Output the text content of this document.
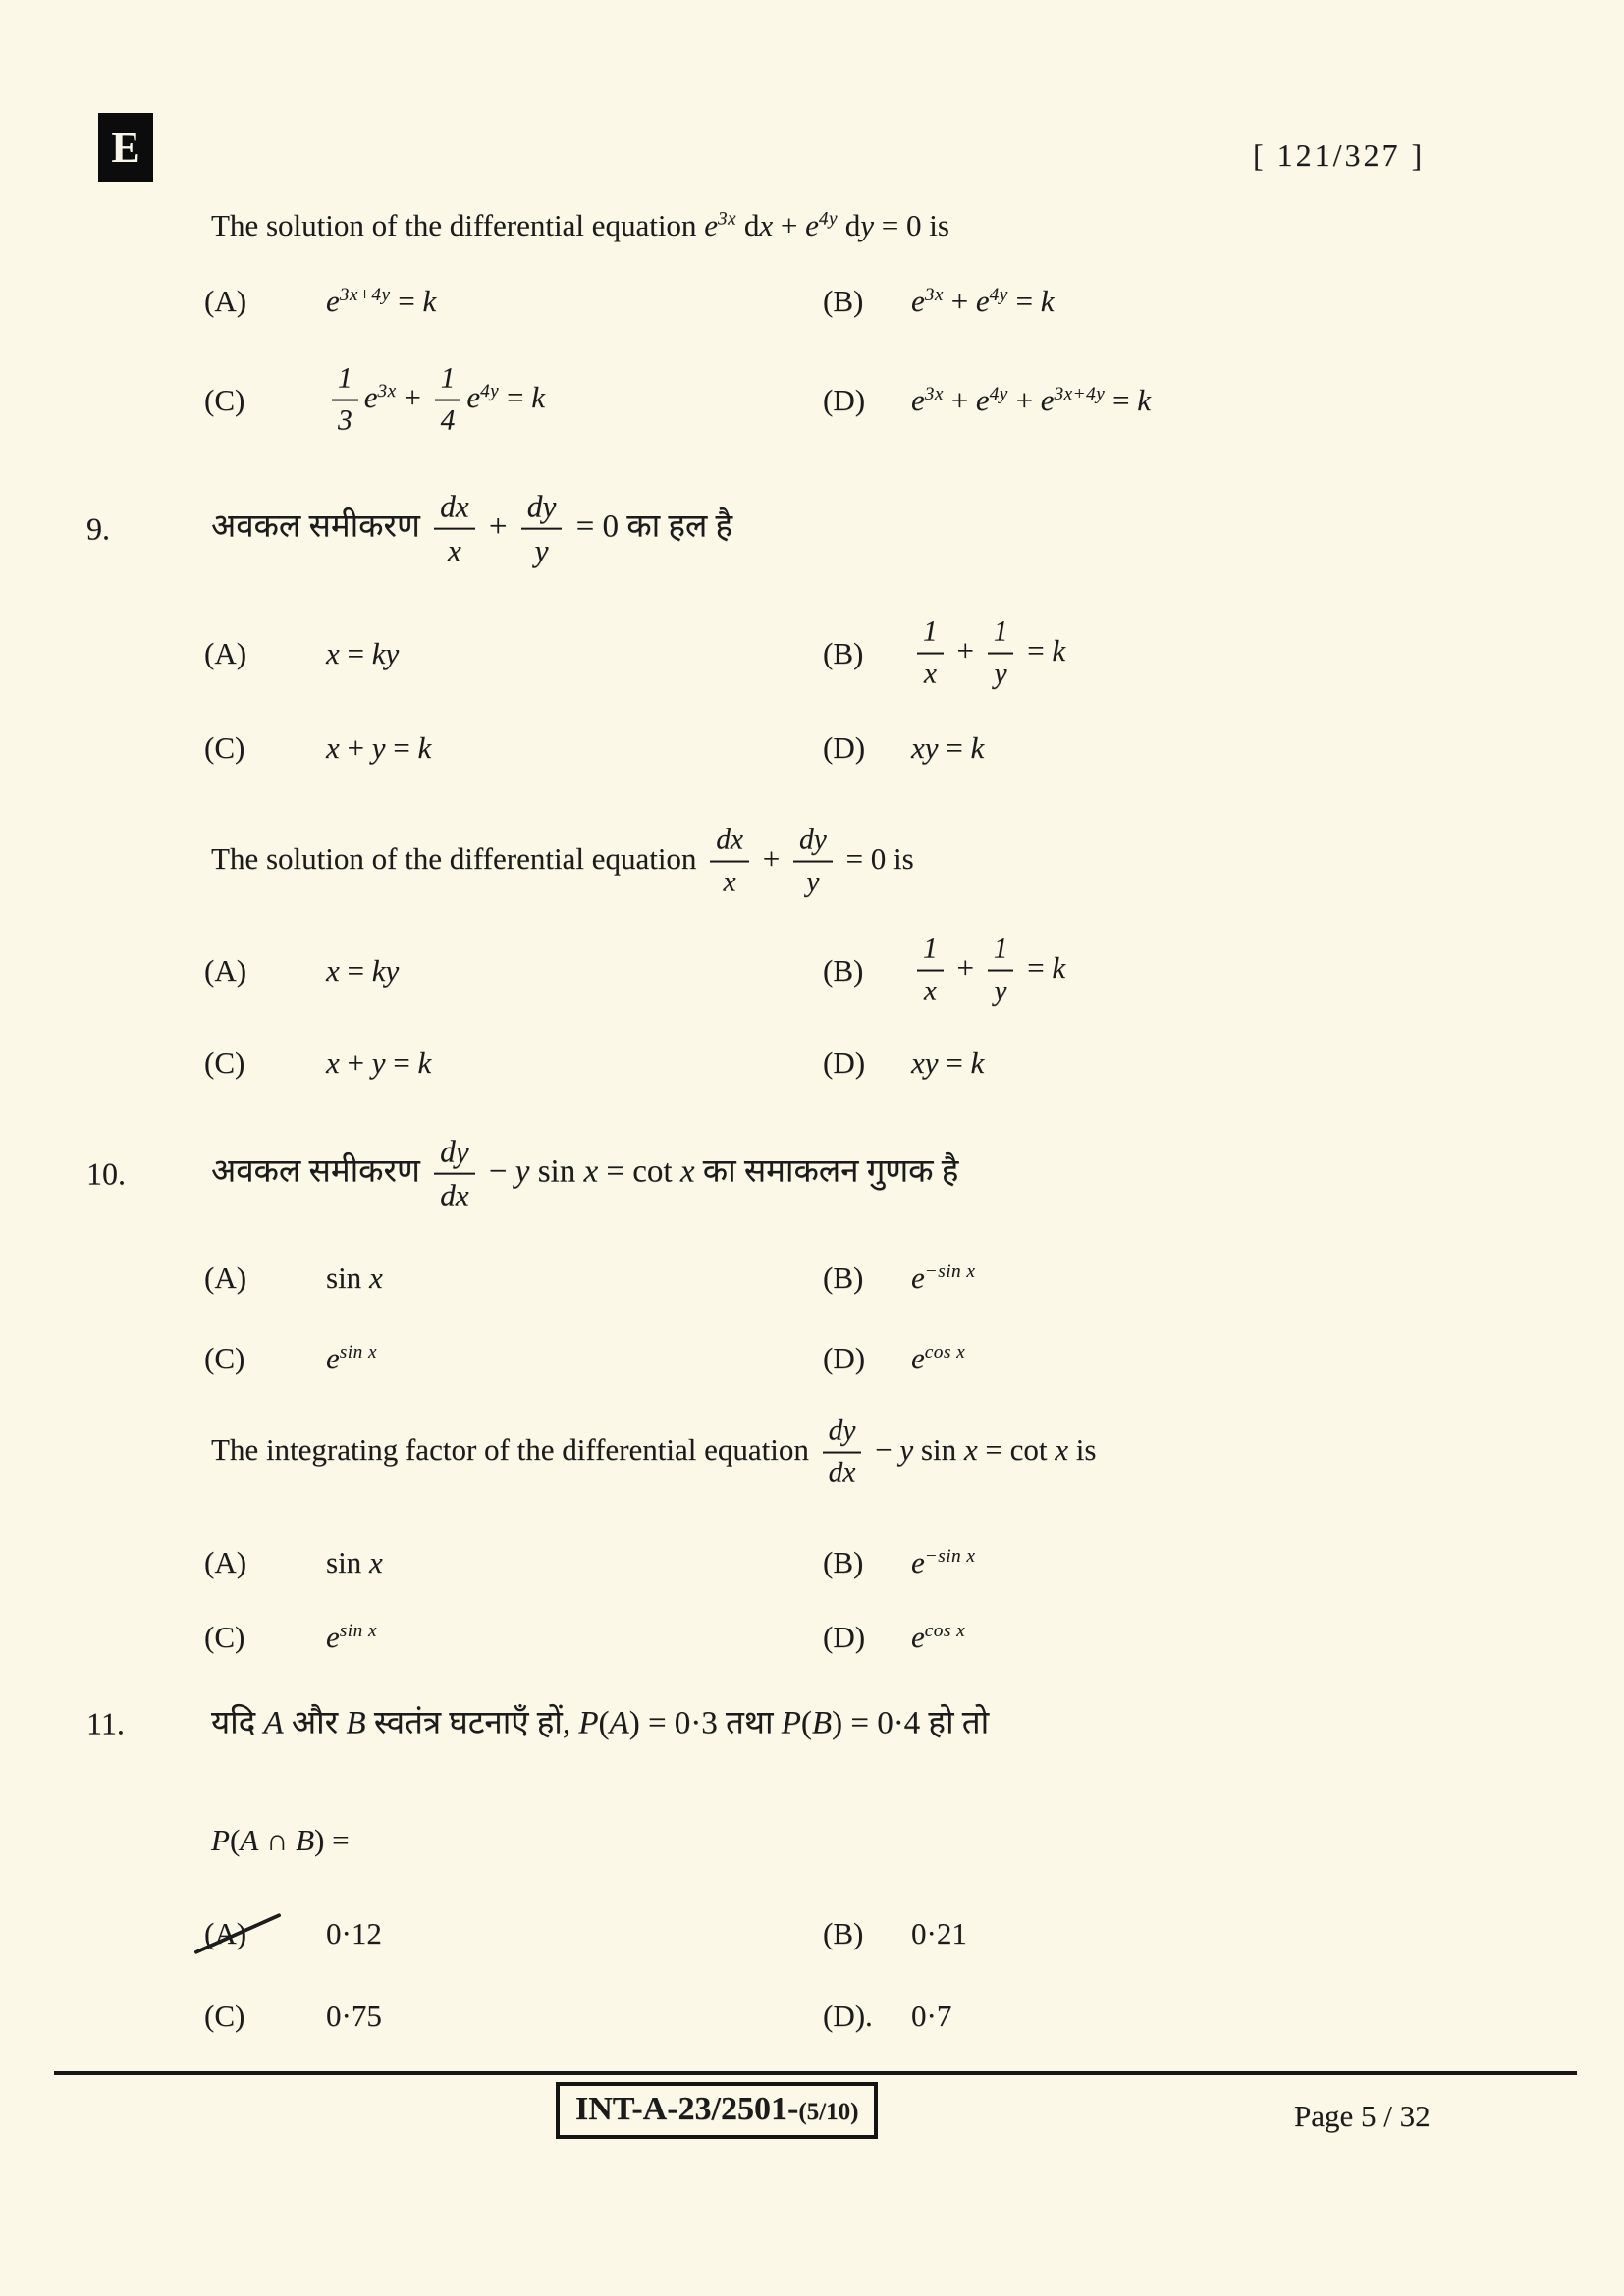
E	[ 121/327 ]
The solution of the differential equation $e^{3x}$ dx + $e^{4y}$ dy = 0 is
(A)	$e^{3x+4y} = k$	(B) $e^{3x} + e^{4y} = k$
(C)	$\frac{1}{3} e^{3x} + \frac{1}{4} e^{4y} = k$	(D) $e^{3x} + e^{4y} + e^{3x+4y} = k$
9.	अवकल समीकरण $\frac{dx}{x} + \frac{dy}{y} = 0$ का हल है
(A)	x = ky	$(B) \frac{1}{x} + \frac{1}{y} = k$
(C)	x + y = k	(D) xy = k
The solution of the differential equation $\frac{dx}{x} + \frac{dy}{y} = 0$ is
(A)	x = ky	$(B) \frac{1}{x} + \frac{1}{y} = k$
(C)	x + y = k	(D) xy = k
10.	अवकल समीकरण $\frac{dy}{dx} - y$ sin x = cot x का समाकलन गुणक है
(A)	sin x	(B) $e^{-sin x}$
(C)	$e^{sin x}$	(D) $e^{cos x}$
The integrating factor of the differential equation $\frac{dy}{dx} - y$ sin x = cot x is
(A)	sin x	(B) $e^{-sin x}$
(C)	$e^{sin x}$	(D) $e^{cos x}$
11.	यदि A और B स्वतंत्र घटनाएँ हों, P(A) = 0·3 तथा P(B) = 0·4 हो तो
P(A ∩ B) =
(A)	0·12	(B) 0·21
(C)	0·75	(D). 0·7
INT-A-23/2501-(5/10)	Page 5 / 32
